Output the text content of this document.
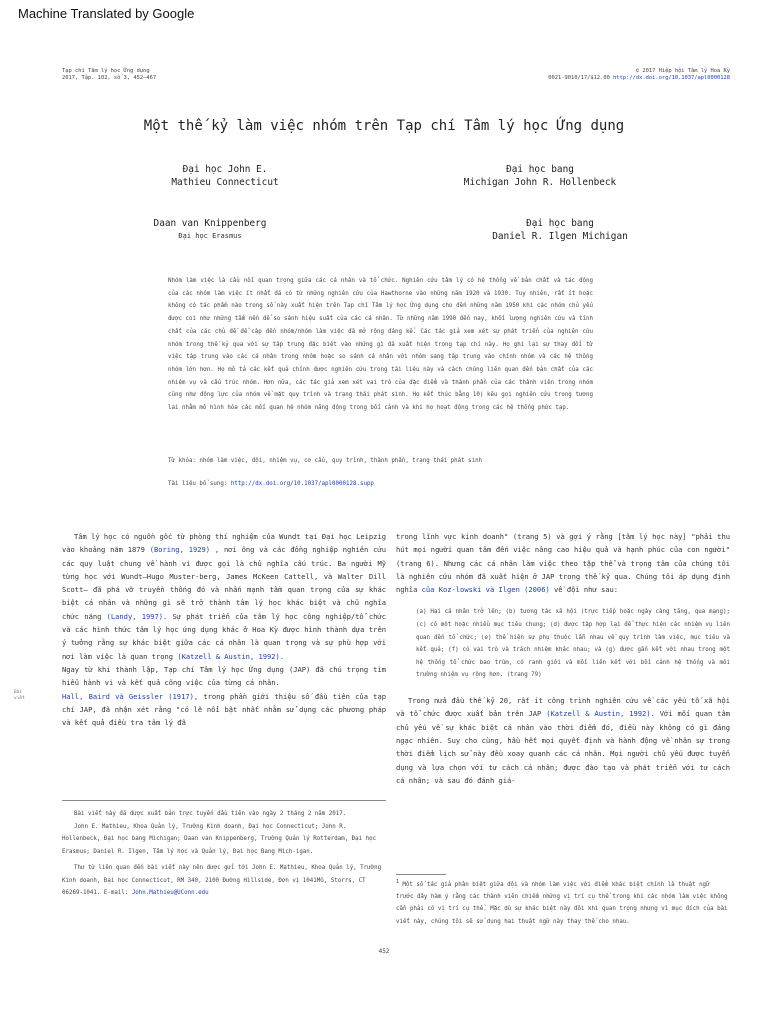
Machine Translated by Google
Tạp chí Tâm lý học Ứng dụng
2017, Tập. 102, số 3, 452–467
© 2017 Hiệp hội Tâm lý Hoa Kỳ
0021-9010/17/$12.00 http://dx.doi.org/10.1037/apl0000128
Một thế kỷ làm việc nhóm trên Tạp chí Tâm lý học Ứng dụng
Đại học John E.
Mathieu Connecticut
Đại học bang
Michigan John R. Hollenbeck
Daan van Knippenberg
Đại học Erasmus
Đại học bang
Daniel R. Ilgen Michigan
Nhóm làm việc là cầu nối quan trọng giữa các cá nhân và tổ chức. Nghiên cứu tâm lý có hệ thống về bản chất và tác động của các nhóm làm việc ít nhất đã có từ những nghiên cứu của Hawthorne vào những năm 1920 và 1930. Tuy nhiên, rất ít hoặc không có tác phẩm nào trong số này xuất hiện trên Tạp chí Tâm lý học Ứng dụng cho đến những năm 1950 khi các nhóm chủ yếu được coi như những tấm nền để so sánh hiệu suất của các cá nhân. Từ những năm 1990 đến nay, khối lượng nghiên cứu và tính chất của các chủ đề đề cập đến nhóm/nhóm làm việc đã mở rộng đáng kể. Các tác giả xem xét sự phát triển của nghiên cứu nhóm trong thế kỷ qua với sự tập trung đặc biệt vào những gì đã xuất hiện trong tạp chí này. Họ ghi lại sự thay đổi từ việc tập trung vào các cá nhân trong nhóm hoặc so sánh cá nhân với nhóm sang tập trung vào chính nhóm và các hệ thống nhóm lớn hơn. Họ mô tả các kết quả chính được nghiên cứu trong tài liệu này và cách chúng liên quan đến bản chất của các nhiệm vụ và cấu trúc nhóm. Hơn nữa, các tác giả xem xét vai trò của đặc điểm và thành phần của các thành viên trong nhóm cũng như động lực của nhóm về mặt quy trình và trạng thái phát sinh. Họ kết thúc bằng 10) kêu gọi nghiên cứu trong tương lai nhằm mô hình hóa các mối quan hệ nhóm năng động trong bối cảnh và khi họ hoạt động trong các hệ thống phức tạp.
Từ khóa: nhóm làm việc, đội, nhiệm vụ, cơ cấu, quy trình, thành phần, trạng thái phát sinh
Tài liệu bổ sung: http://dx.doi.org/10.1037/apl0000128.supp
Tâm lý học có nguồn gốc từ phòng thí nghiệm của Wundt tại Đại học Leipzig vào khoảng năm 1879 (Boring, 1929) , nơi ông và các đồng nghiệp nghiên cứu các quy luật chung về hành vi được gọi là chủ nghĩa cấu trúc. Ba người Mỹ từng học với Wundt—Hugo Muster-berg, James McKeen Cattell, và Walter Dill Scott— đã phá vỡ truyền thống đó và nhấn mạnh tầm quan trọng của sự khác biệt cá nhân và những gì sẽ trở thành tâm lý học khác biệt và chủ nghĩa chức năng (Landy, 1997). Sự phát triển của tâm lý học công nghiệp/tổ chức và các hình thức tâm lý học ứng dụng khác ở Hoa Kỳ được hình thành dựa trên ý tưởng rằng sự khác biệt giữa các cá nhân là quan trọng và sự phù hợp với nơi làm việc là quan trọng (Katzell & Austin, 1992).
Ngay từ khi thành lập, Tạp chí Tâm lý học Ứng dụng (JAP) đã chú trọng tìm hiểu hành vi và kết quả công việc của từng cá nhân.
Hall, Baird và Geissler (1917), trong phần giới thiệu số đầu tiên của tạp chí JAP, đã nhận xét rằng "có lẽ nổi bật nhất nhằm sử dụng các phương pháp và kết quả điều tra tâm lý đã
trong lĩnh vực kinh doanh" (trang 5) và gợi ý rằng [tâm lý học này] "phải thu hút mọi người quan tâm đến việc nâng cao hiệu quả và hạnh phúc của con người" (trang 6). Nhưng các cá nhân làm việc theo tập thể và trọng tâm của chúng tôi là nghiên cứu nhóm đã xuất hiện ở JAP trong thế kỷ qua. Chúng tôi áp dụng định nghĩa của Koz-lowski và Ilgen (2006) về đội như sau:
(a) Hai cá nhân trở lên; (b) tương tác xã hội (trực tiếp hoặc ngày càng tăng, qua mạng); (c) có một hoặc nhiều mục tiêu chung; (d) được tập hợp lại để thực hiện các nhiệm vụ liên quan đến tổ chức; (e) thể hiện sự phụ thuộc lẫn nhau về quy trình làm việc, mục tiêu và kết quả; (f) có vai trò và trách nhiệm khác nhau; và (g) được gắn kết với nhau trong một hệ thống tổ chức bao trùm, có ranh giới và mối liên kết với bối cảnh hệ thống và môi trường nhiệm vụ rộng hơn. (trang 79)
Trong nửa đầu thế kỷ 20, rất ít công trình nghiên cứu về các yếu tố xã hội và tổ chức được xuất bản trên JAP (Katzell & Austin, 1992). Với mối quan tâm chủ yếu về sự khác biệt cá nhân vào thời điểm đó, điều này không có gì đáng ngạc nhiên. Suy cho cùng, hầu hết mọi quyết định và hành động về nhân sự trong thời điểm lịch sử này đều xoay quanh các cá nhân. Mọi người chủ yếu được tuyển dụng và lựa chọn với tư cách cá nhân; được đào tạo và phát triển với tư cách cá nhân; và sau đó đánh giá-
Bài viết này đã được xuất bản trực tuyến đầu tiên vào ngày 2 tháng 2 năm 2017.
John E. Mathieu, Khoa Quản lý, Trường Kinh doanh, Đại học Connecticut; John R. Hollenbeck, Đại học bang Michigan; Daan van Knippenberg, Trường Quản lý Rotterdam, Đại học Erasmus; Daniel R. Ilgen, Tâm lý học và Quản lý, Đại học Bang Mich-igan.
Thư từ liên quan đến bài viết này nên được gửi tới John E. Mathieu, Khoa Quản lý, Trường Kinh doanh, Đại học Connecticut, RM 340, 2100 Đường Hillside, Đơn vị 1041MG, Storrs, CT 06269-1041. E-mail: John.Mathieu@UConn.edu
$^1$ Một số tác giả phân biệt giữa đội và nhóm làm việc với điểm khác biệt chính là thuật ngữ trước đây hàm ý rằng các thành viên chiếm những vị trí cụ thể trong khi các nhóm làm việc không cần phải có vị trí cụ thể. Mặc dù sự khác biệt này đôi khi quan trọng nhưng vì mục đích của bài viết này, chúng tôi sẽ sử dụng hai thuật ngữ này thay thế cho nhau.
Bài viết
452
